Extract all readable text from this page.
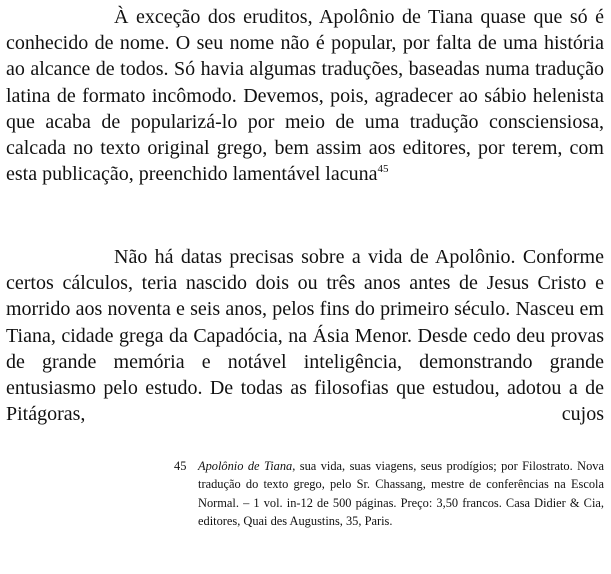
À exceção dos eruditos, Apolônio de Tiana quase que só é conhecido de nome. O seu nome não é popular, por falta de uma história ao alcance de todos. Só havia algumas traduções, baseadas numa tradução latina de formato incômodo. Devemos, pois, agradecer ao sábio helenista que acaba de popularizá-lo por meio de uma tradução consciensiosa, calcada no texto original grego, bem assim aos editores, por terem, com esta publicação, preenchido lamentável lacuna$^{45}$

Não há datas precisas sobre a vida de Apolônio. Conforme certos cálculos, teria nascido dois ou três anos antes de Jesus Cristo e morrido aos noventa e seis anos, pelos fins do primeiro século. Nasceu em Tiana, cidade grega da Capadócia, na Ásia Menor. Desde cedo deu provas de grande memória e notável inteligência, demonstrando grande entusiasmo pelo estudo. De todas as filosofias que estudou, adotou a de Pitágoras, cujos

45 Apolônio de Tiana, sua vida, suas viagens, seus prodígios; por Filostrato. Nova tradução do texto grego, pelo Sr. Chassang, mestre de conferências na Escola Normal. – 1 vol. in-12 de 500 páginas. Preço: 3,50 francos. Casa Didier & Cia, editores, Quai des Augustins, 35, Paris.
